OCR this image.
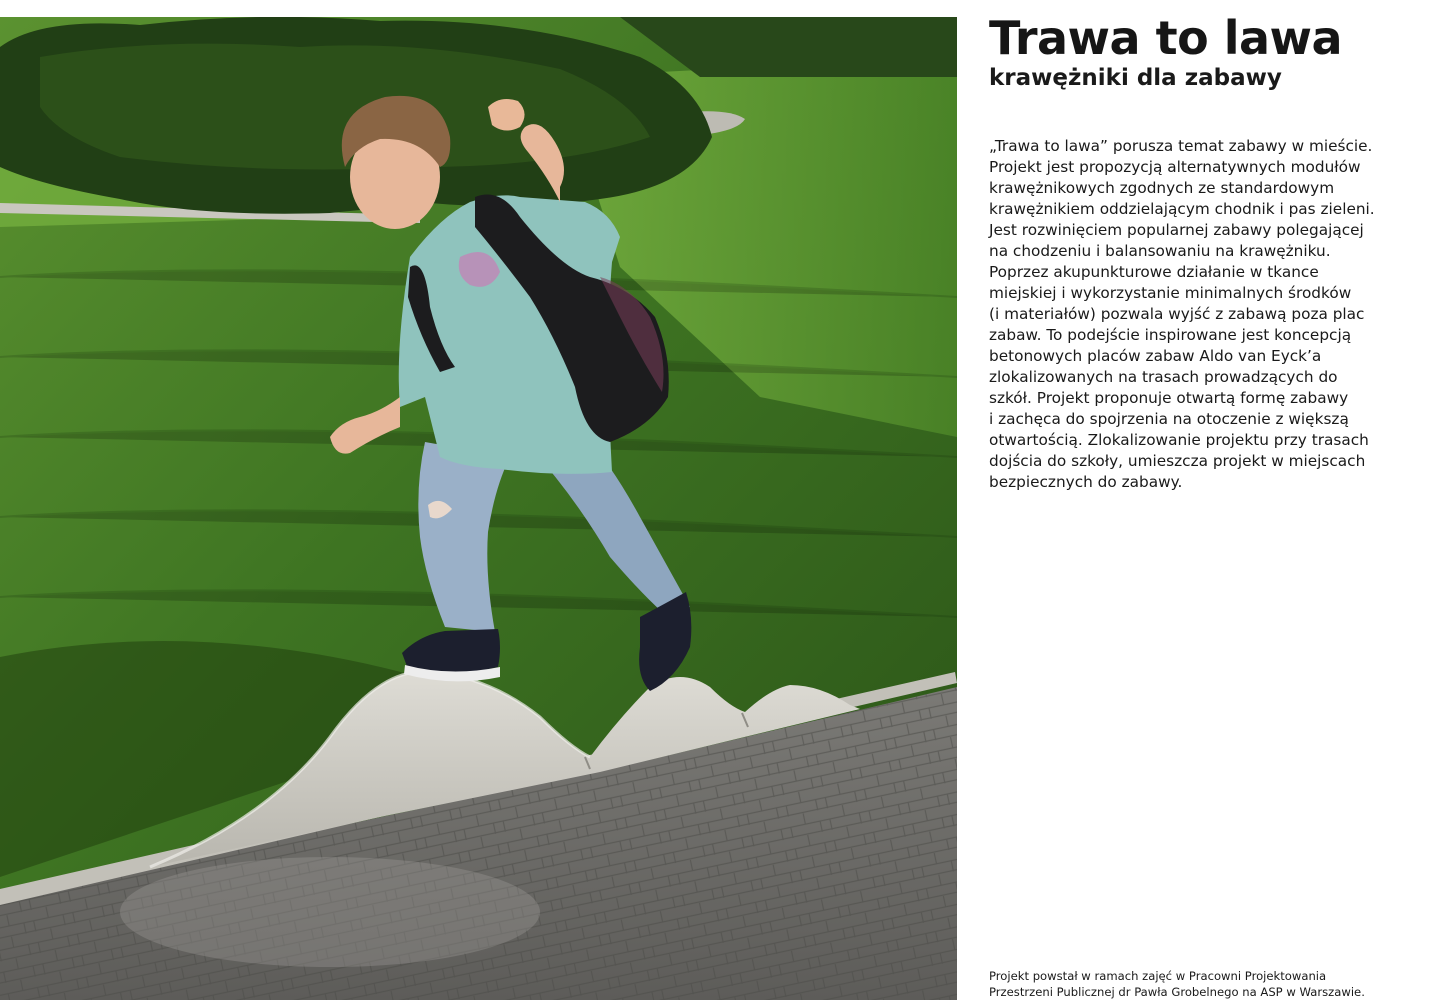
Trawa to lawa
krawężniki dla zabawy
„Trawa to lawa” porusza temat zabawy w mieście.
Projekt jest propozycją alternatywnych modułów
krawężnikowych zgodnych ze standardowym
krawężnikiem oddzielającym chodnik i pas zieleni.
Jest rozwinięciem popularnej zabawy polegającej
na chodzeniu i balansowaniu na krawężniku.
Poprzez akupunkturowe działanie w tkance
miejskiej i wykorzystanie minimalnych środków
(i materiałów) pozwala wyjść z zabawą poza plac
zabaw. To podejście inspirowane jest koncepcją
betonowych placów zabaw Aldo van Eyck’a
zlokalizowanych na trasach prowadzących do
szkół. Projekt proponuje otwartą formę zabawy
i zachęca do spojrzenia na otoczenie z większą
otwartością. Zlokalizowanie projektu przy trasach
dojścia do szkoły, umieszcza projekt w miejscach
bezpiecznych do zabawy.
Projekt powstał w ramach zajęć w Pracowni Projektowania
Przestrzeni Publicznej dr Pawła Grobelnego na ASP w Warszawie.
